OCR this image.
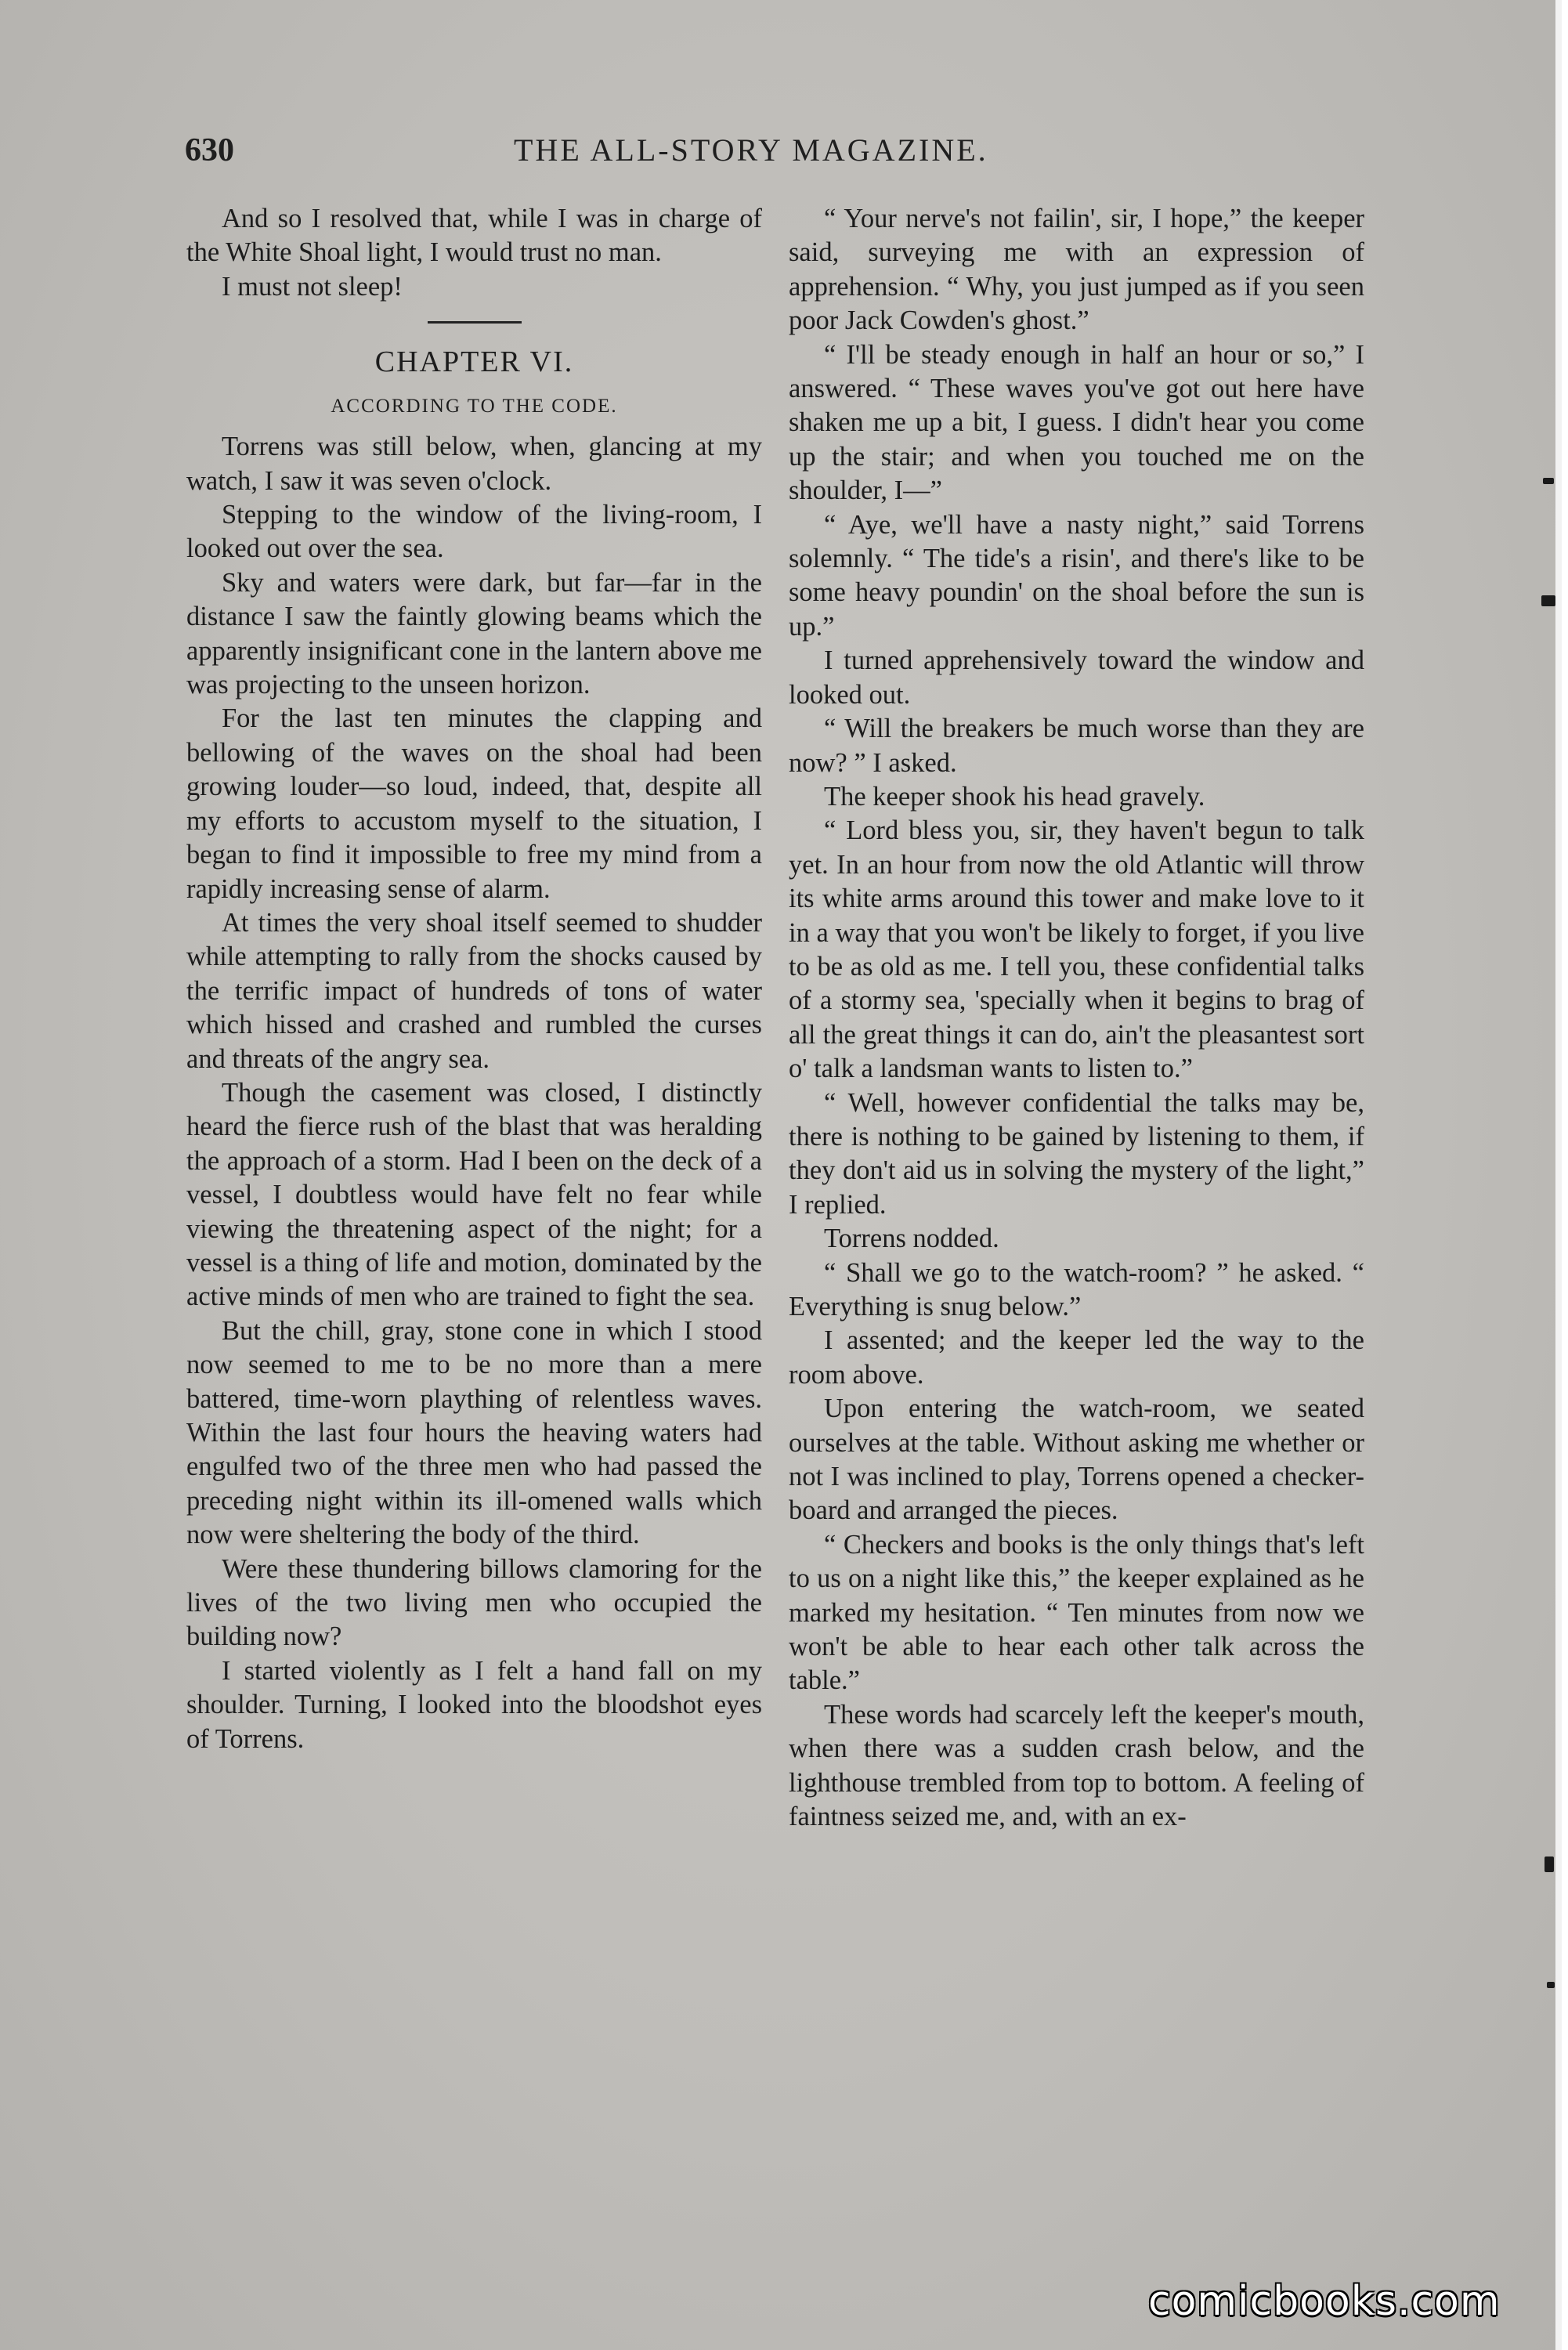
630	THE ALL-STORY MAGAZINE.

And so I resolved that, while I was in charge of the White Shoal light, I would trust no man.

I must not sleep!

CHAPTER VI.

ACCORDING TO THE CODE.

Torrens was still below, when, glancing at my watch, I saw it was seven o'clock.

Stepping to the window of the living-room, I looked out over the sea.

Sky and waters were dark, but far—far in the distance I saw the faintly glowing beams which the apparently insignificant cone in the lantern above me was projecting to the unseen horizon.

For the last ten minutes the clapping and bellowing of the waves on the shoal had been growing louder—so loud, indeed, that, despite all my efforts to accustom myself to the situation, I began to find it impossible to free my mind from a rapidly increasing sense of alarm.

At times the very shoal itself seemed to shudder while attempting to rally from the shocks caused by the terrific impact of hundreds of tons of water which hissed and crashed and rumbled the curses and threats of the angry sea.

Though the casement was closed, I distinctly heard the fierce rush of the blast that was heralding the approach of a storm. Had I been on the deck of a vessel, I doubtless would have felt no fear while viewing the threatening aspect of the night; for a vessel is a thing of life and motion, dominated by the active minds of men who are trained to fight the sea.

But the chill, gray, stone cone in which I stood now seemed to me to be no more than a mere battered, time-worn plaything of relentless waves. Within the last four hours the heaving waters had engulfed two of the three men who had passed the preceding night within its ill-omened walls which now were sheltering the body of the third.

Were these thundering billows clamoring for the lives of the two living men who occupied the building now?

I started violently as I felt a hand fall on my shoulder. Turning, I looked into the bloodshot eyes of Torrens.

“ Your nerve's not failin', sir, I hope,” the keeper said, surveying me with an expression of apprehension. “ Why, you just jumped as if you seen poor Jack Cowden's ghost.”

“ I'll be steady enough in half an hour or so,” I answered. “ These waves you've got out here have shaken me up a bit, I guess. I didn't hear you come up the stair; and when you touched me on the shoulder, I—”

“ Aye, we'll have a nasty night,” said Torrens solemnly. “ The tide's a risin', and there's like to be some heavy poundin' on the shoal before the sun is up.”

I turned apprehensively toward the window and looked out.

“ Will the breakers be much worse than they are now? ” I asked.

The keeper shook his head gravely.

“ Lord bless you, sir, they haven't begun to talk yet. In an hour from now the old Atlantic will throw its white arms around this tower and make love to it in a way that you won't be likely to forget, if you live to be as old as me. I tell you, these confidential talks of a stormy sea, 'specially when it begins to brag of all the great things it can do, ain't the pleasantest sort o' talk a landsman wants to listen to.”

“ Well, however confidential the talks may be, there is nothing to be gained by listening to them, if they don't aid us in solving the mystery of the light,” I replied.

Torrens nodded.

“ Shall we go to the watch-room? ” he asked. “ Everything is snug below.”

I assented; and the keeper led the way to the room above.

Upon entering the watch-room, we seated ourselves at the table. Without asking me whether or not I was inclined to play, Torrens opened a checker-board and arranged the pieces.

“ Checkers and books is the only things that's left to us on a night like this,” the keeper explained as he marked my hesitation. “ Ten minutes from now we won't be able to hear each other talk across the table.”

These words had scarcely left the keeper's mouth, when there was a sudden crash below, and the lighthouse trembled from top to bottom. A feeling of faintness seized me, and, with an ex-

comicbooks.com
